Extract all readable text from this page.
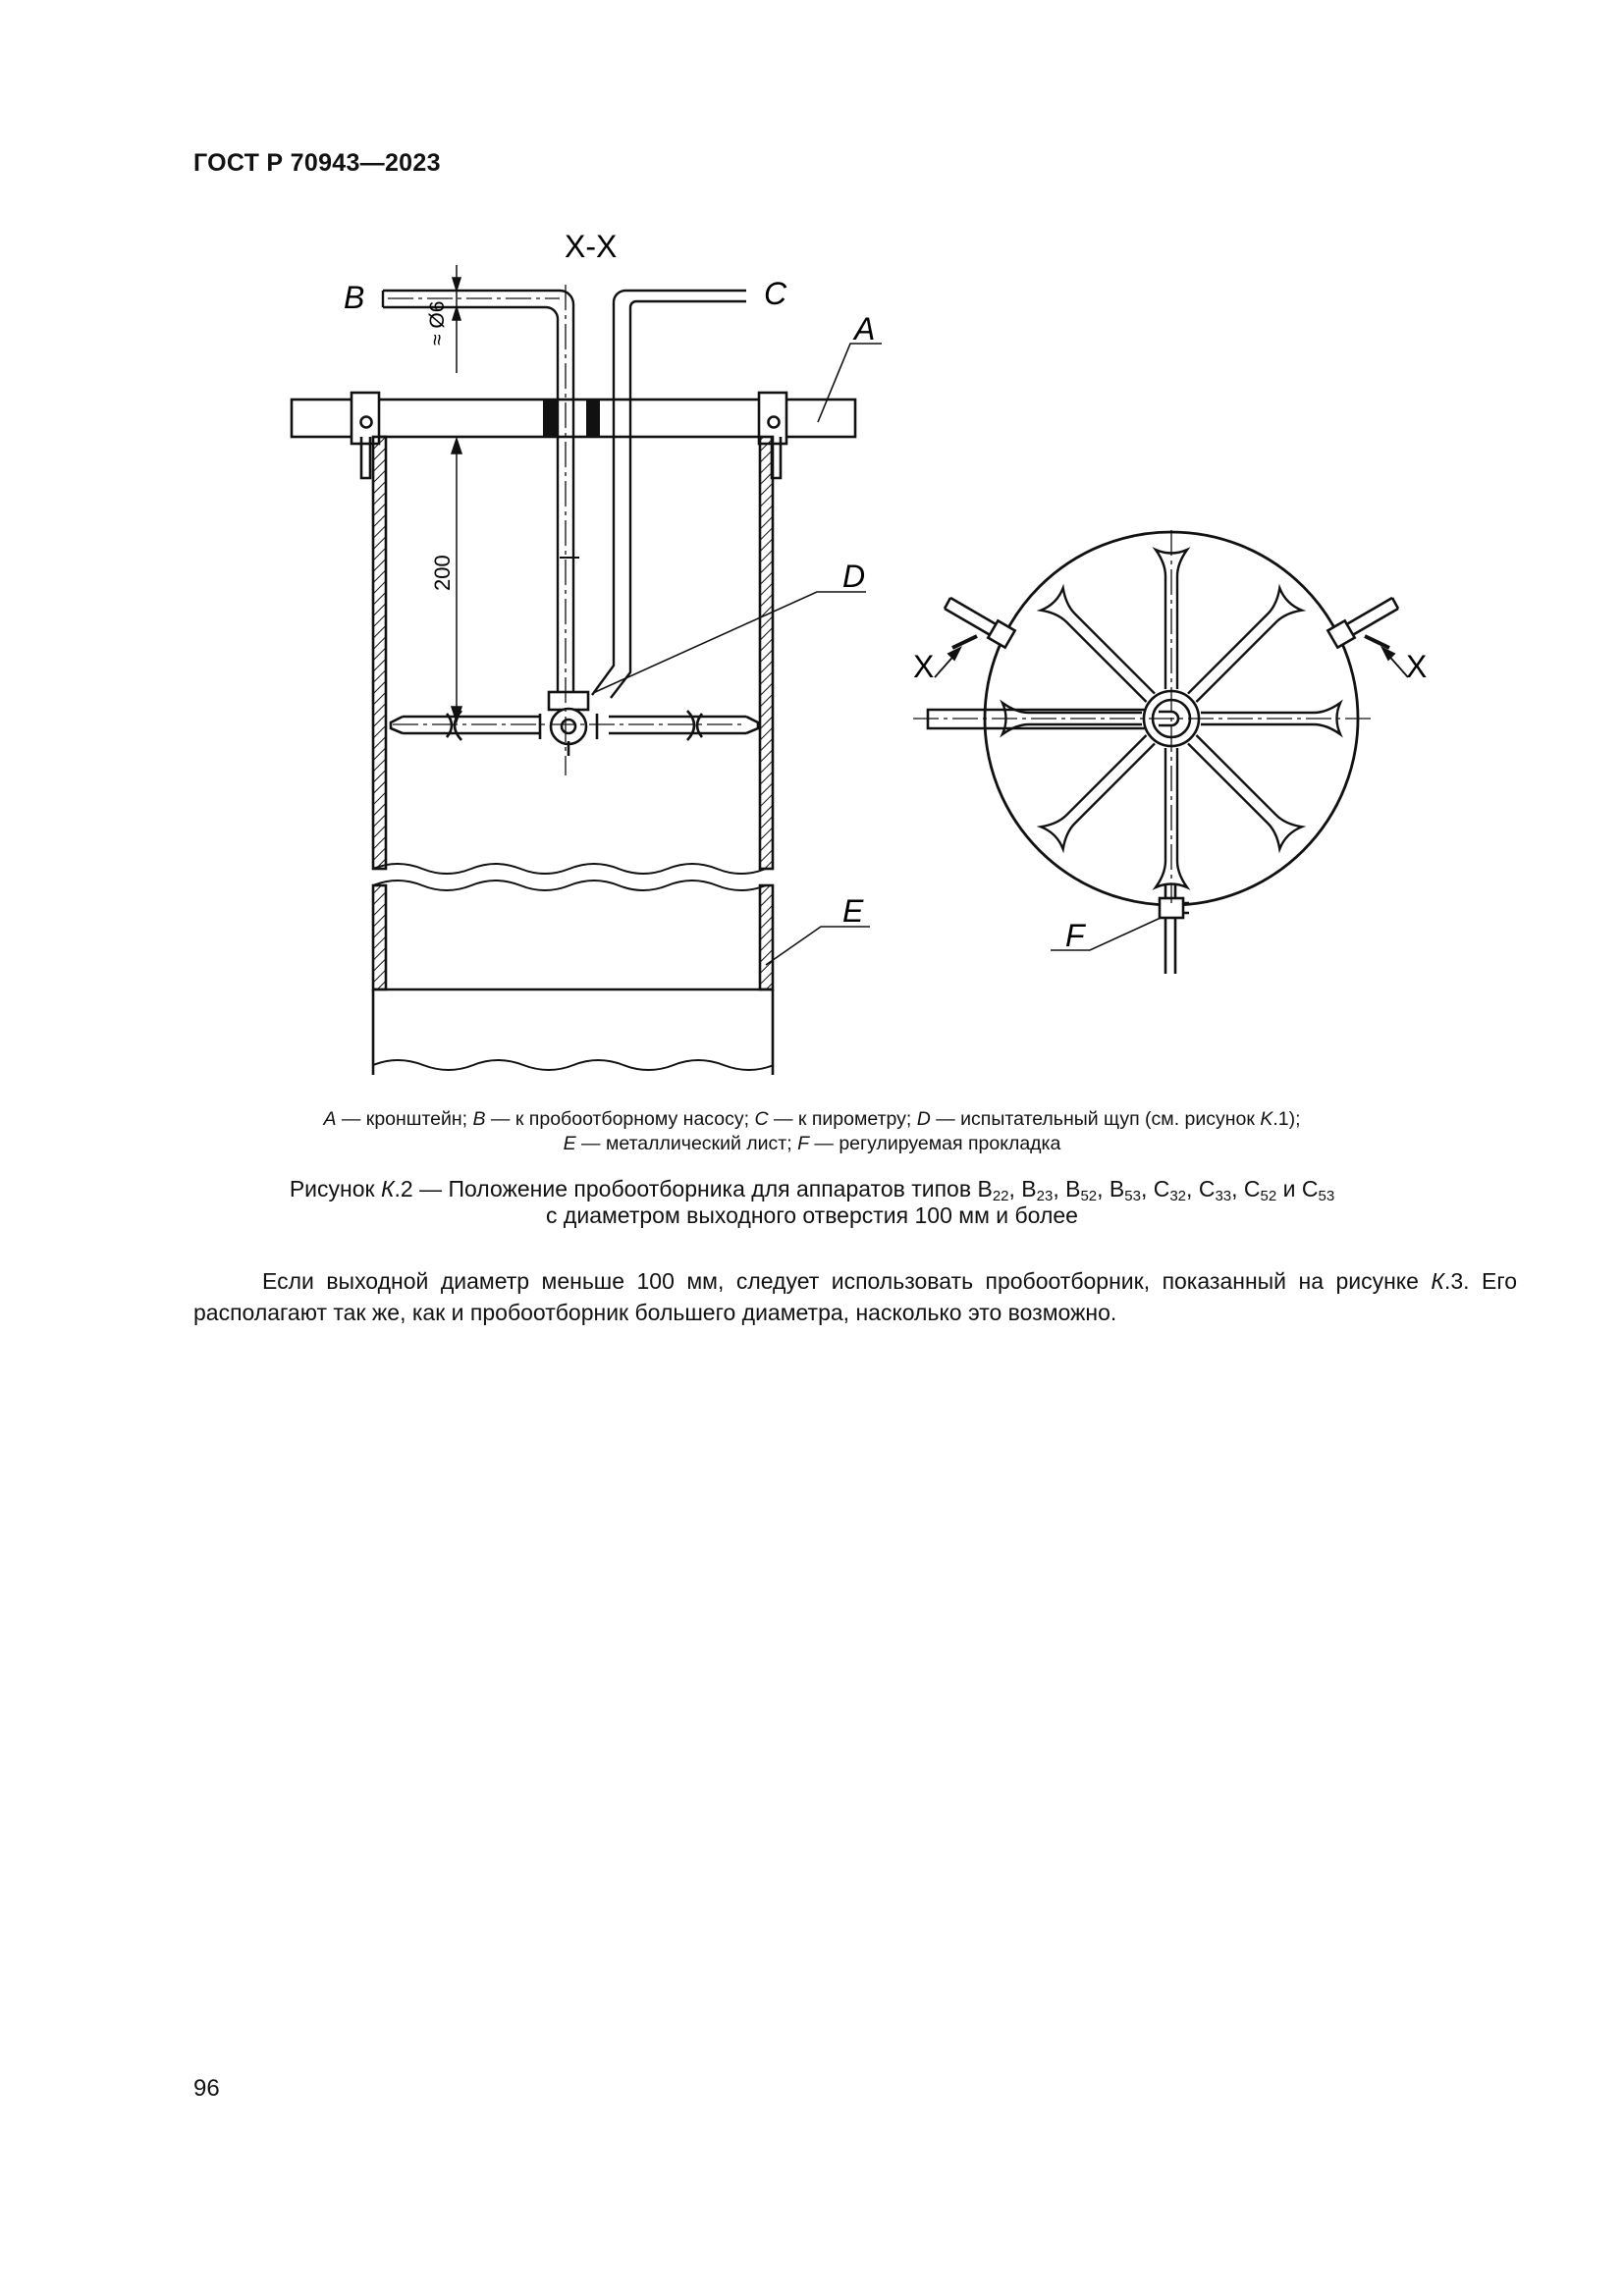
ГОСТ Р 70943—2023
≈ Ø6
200
X-X
B	C
A
D
E
X	X
F
A — кронштейн; B — к пробоотборному насосу; C — к пирометру; D — испытательный щуп (см. рисунок K.1);
E — металлический лист; F — регулируемая прокладка
Рисунок К.2 — Положение пробоотборника для аппаратов типов $B_{22}$, $B_{23}$, $B_{52}$, $B_{53}$, $C_{32}$, $C_{33}$, $C_{52}$ и $C_{53}$
с диаметром выходного отверстия 100 мм и более
Если выходной диаметр меньше 100 мм, следует использовать пробоотборник, показанный на рисунке К.3. Его располагают так же, как и пробоотборник большего диаметра, насколько это возможно.
96
